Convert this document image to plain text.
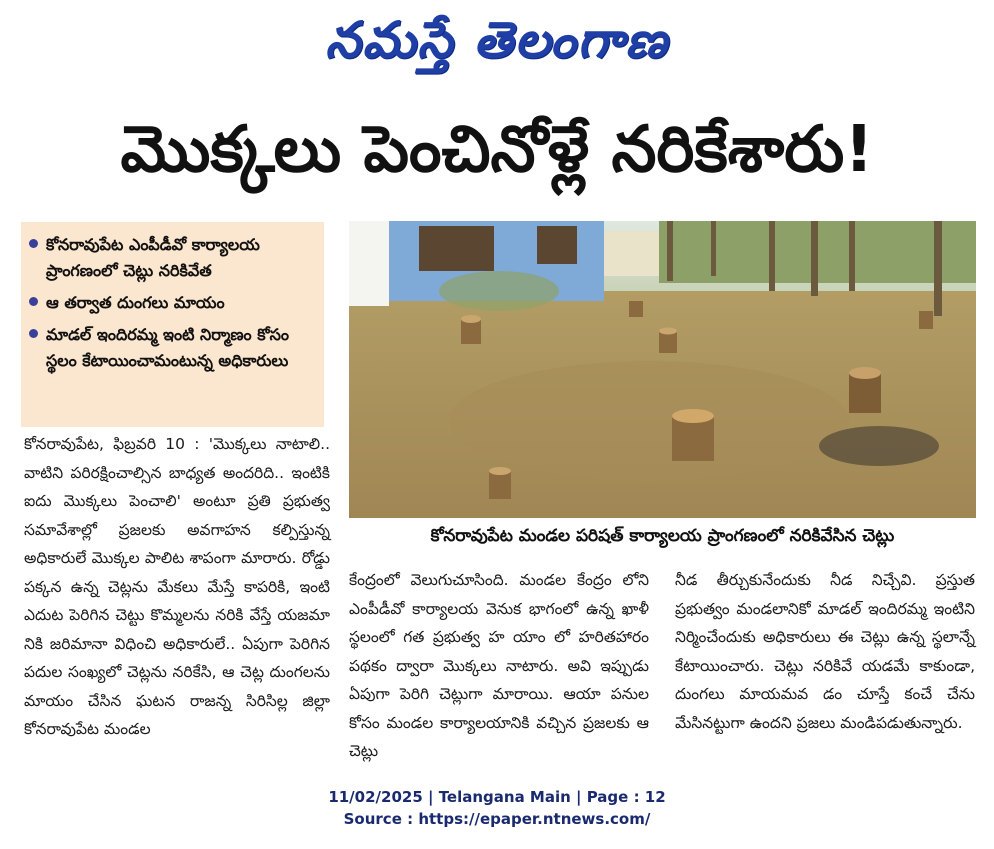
నమస్తే తెలంగాణ
మొక్కలు పెంచినోళ్లే నరికేశారు!
కోనరావుపేట ఎంపీడీవో కార్యాలయ ప్రాంగణంలో చెట్లు నరికివేత
ఆ తర్వాత దుంగలు మాయం
మాడల్ ఇందిరమ్మ ఇంటి నిర్మాణం కోసం స్థలం కేటాయించామంటున్న అధికారులు
కోనరావుపేట మండల పరిషత్ కార్యాలయ ప్రాంగణంలో నరికివేసిన చెట్లు

కోనరావుపేట, ఫిబ్రవరి 10 : 'మొక్కలు నాటాలి.. వాటిని పరిరక్షించాల్సిన బాధ్యత అందరిది.. ఇంటికి ఐదు మొక్కలు పెంచాలి' అంటూ ప్రతి ప్రభుత్వ సమావేశాల్లో ప్రజలకు అవగాహన కల్పిస్తున్న అధికారులే మొక్కల పాలిట శాపంగా మారారు. రోడ్డు పక్కన ఉన్న చెట్లను మేకలు మేస్తే కాపరికి, ఇంటి ఎదుట పెరిగిన చెట్టు కొమ్మలను నరికి వేస్తే యజమా నికి జరిమానా విధించి అధికారులే.. ఏపుగా పెరిగిన పదుల సంఖ్యలో చెట్లను నరికేసి, ఆ చెట్ల దుంగలను మాయం చేసిన ఘటన రాజన్న సిరిసిల్ల జిల్లా కోనరావుపేట మండల

కేంద్రంలో వెలుగుచూసింది. మండల కేంద్రం లోని ఎంపీడీవో కార్యాలయ వెనుక భాగంలో ఉన్న ఖాళీ స్థలంలో గత ప్రభుత్వ హ యాం లో హరితహారం పథకం ద్వారా మొక్కలు నాటారు. అవి ఇప్పుడు ఏపుగా పెరిగి చెట్లుగా మారాయి. ఆయా పనుల కోసం మండల కార్యాలయానికి వచ్చిన ప్రజలకు ఆ చెట్లు

నీడ తీర్చుకునేందుకు నీడ నిచ్చేవి. ప్రస్తుత ప్రభుత్వం మండలానికో మాడల్ ఇందిరమ్మ ఇంటిని నిర్మించేందుకు అధికారులు ఈ చెట్లు ఉన్న స్థలాన్నే కేటాయించారు. చెట్లు నరికివే యడమే కాకుండా, దుంగలు మాయమవ డం చూస్తే కంచే చేను మేసినట్టుగా ఉందని ప్రజలు మండిపడుతున్నారు.

11/02/2025 | Telangana Main | Page : 12
Source : https://epaper.ntnews.com/
